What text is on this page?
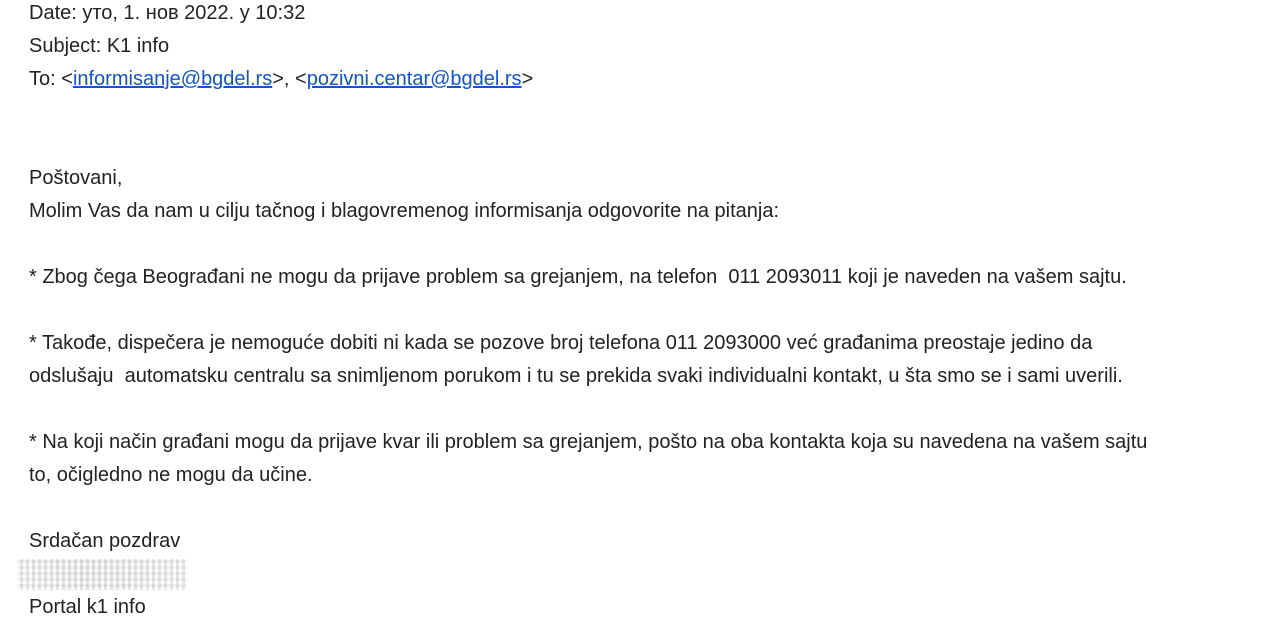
Date: уто, 1. нов 2022. у 10:32
Subject: K1 info
To: <informisanje@bgdel.rs>, <pozivni.centar@bgdel.rs>
Poštovani,
Molim Vas da nam u cilju tačnog i blagovremenog informisanja odgovorite na pitanja:
* Zbog čega Beograđani ne mogu da prijave problem sa grejanjem, na telefon  011 2093011 koji je naveden na vašem sajtu.
* Takođe, dispečera je nemoguće dobiti ni kada se pozove broj telefona 011 2093000 već građanima preostaje jedino da
odslušaju  automatsku centralu sa snimljenom porukom i tu se prekida svaki individualni kontakt, u šta smo se i sami uverili.
* Na koji način građani mogu da prijave kvar ili problem sa grejanjem, pošto na oba kontakta koja su navedena na vašem sajtu
to, očigledno ne mogu da učine.
Srdačan pozdrav
Portal k1 info
